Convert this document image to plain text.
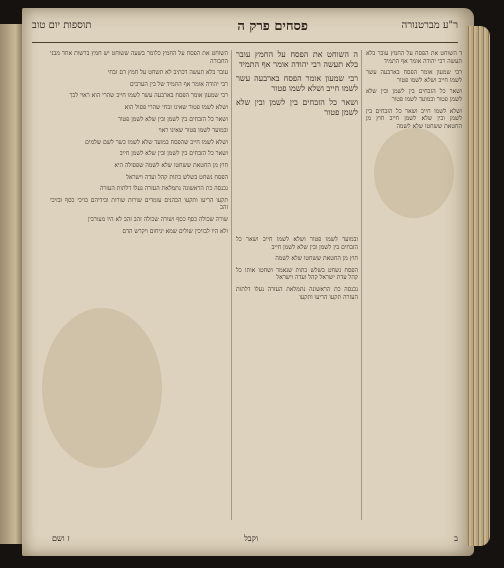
ר"ע מברטנורה
פסחים פרק ה
תוספות יום טוב

ד השוחט את הפסח על החמץ עובר בלא תעשה רבי יהודה אומר אף התמיד

רבי שמעון אומר הפסח בארבעה עשר לשמו חייב ושלא לשמו פטור

ושאר כל הזבחים בין לשמן ובין שלא לשמן פטור ובמועד לשמו פטור

ושלא לשמו חייב ושאר כל הזבחים בין לשמן ובין שלא לשמן חייב חוץ מן החטאת ששחטו שלא לשמה

ה השוחט את הפסח על החמץ עובר בלא תעשה רבי יהודה אומר אף התמיד

רבי שמעון אומר הפסח בארבעה עשר לשמו חייב ושלא לשמו פטור

ושאר כל הזבחים בין לשמן ובין שלא לשמן פטור

ובמועד לשמו פטור ושלא לשמו חייב ושאר כל הזבחים בין לשמן ובין שלא לשמן חייב

חוץ מן החטאת ששחטו שלא לשמה

הפסח נשחט בשלש כתות שנאמר ושחטו אותו כל קהל עדת ישראל קהל ועדה וישראל

נכנסה כת הראשונה נתמלאת העזרה נעלו דלתות העזרה תקעו הריעו ותקעו

השוחט את הפסח על החמץ כלומר בשעה ששוחט יש חמץ ברשות אחד מבני החבורה

עובר בלא תעשה דכתיב לא תשחט על חמץ דם זבחי

רבי יהודה אומר אף התמיד של בין הערבים

רבי שמעון אומר הפסח בארבעה עשר לשמו חייב שהרי הוא ראוי לכך

ושלא לשמו פטור שאינו זבחי שהרי פסול הוא

ושאר כל הזבחים בין לשמן ובין שלא לשמן פטור

ובמועד לשמו פטור שאינו ראוי

ושלא לשמו חייב שהפסח במועד שלא לשמו כשר לשם שלמים

ושאר כל הזבחים בין לשמן ובין שלא לשמן חייב

חוץ מן החטאת ששחטו שלא לשמה שפסולה היא

הפסח נשחט בשלש כתות קהל ועדה וישראל

נכנסה כת הראשונה נתמלאת העזרה נעלו דלתות העזרה

תקעו הריעו ותקעו הכהנים עומדים שורות שורות ובידיהם בזיכי כסף ובזיכי זהב

שורה שכולה כסף כסף ושורה שכולה זהב זהב לא היו מעורבין

ולא היו לבזיכין שולים שמא יניחום ויקרש הדם

ב
וקבל
ז ושם
